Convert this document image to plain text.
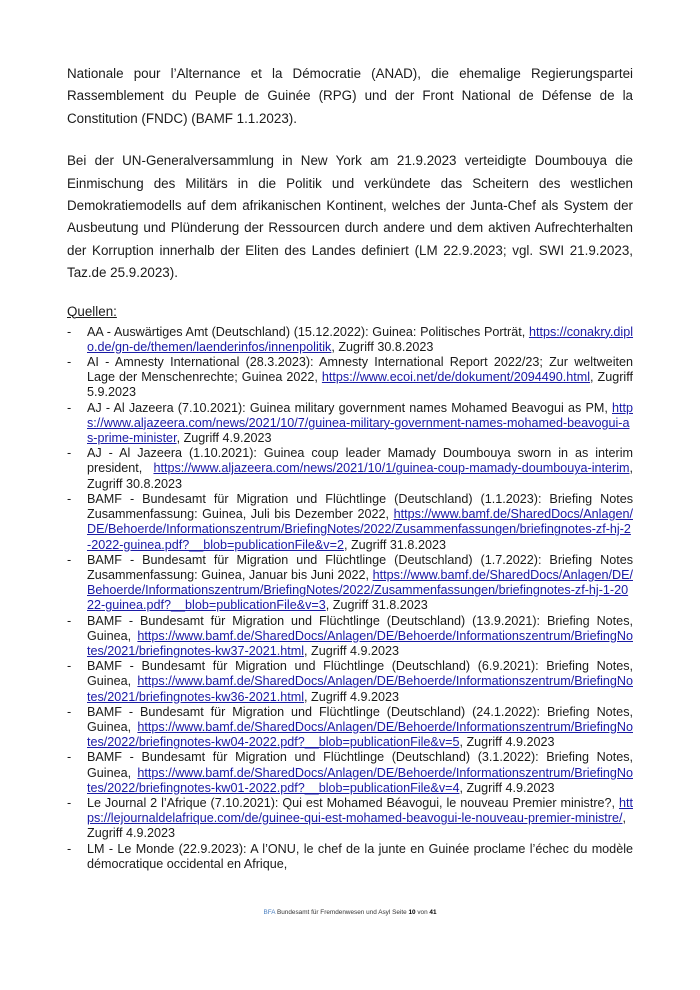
Nationale pour l’Alternance et la Démocratie (ANAD), die ehemalige Regierungspartei Rassemblement du Peuple de Guinée (RPG) und der Front National de Défense de la Constitution (FNDC) (BAMF 1.1.2023).

Bei der UN-Generalversammlung in New York am 21.9.2023 verteidigte Doumbouya die Einmischung des Militärs in die Politik und verkündete das Scheitern des westlichen Demokratiemodells auf dem afrikanischen Kontinent, welches der Junta-Chef als System der Ausbeutung und Plünderung der Ressourcen durch andere und dem aktiven Aufrechterhalten der Korruption innerhalb der Eliten des Landes definiert (LM 22.9.2023; vgl. SWI 21.9.2023, Taz.de 25.9.2023).

Quellen:
- AA - Auswärtiges Amt (Deutschland) (15.12.2022): Guinea: Politisches Porträt, https://conakry.diplo.de/gn-de/themen/laenderinfos/innenpolitik, Zugriff 30.8.2023
- AI - Amnesty International (28.3.2023): Amnesty International Report 2022/23; Zur weltweiten Lage der Menschenrechte; Guinea 2022, https://www.ecoi.net/de/dokument/2094490.html, Zugriff 5.9.2023
- AJ - Al Jazeera (7.10.2021): Guinea military government names Mohamed Beavogui as PM, https://www.aljazeera.com/news/2021/10/7/guinea-military-government-names-mohamed-beavogui-as-prime-minister, Zugriff 4.9.2023
- AJ - Al Jazeera (1.10.2021): Guinea coup leader Mamady Doumbouya sworn in as interim president, https://www.aljazeera.com/news/2021/10/1/guinea-coup-mamady-doumbouya-interim, Zugriff 30.8.2023
- BAMF - Bundesamt für Migration und Flüchtlinge (Deutschland) (1.1.2023): Briefing Notes Zusammenfassung: Guinea, Juli bis Dezember 2022, https://www.bamf.de/SharedDocs/Anlagen/DE/Behoerde/Informationszentrum/BriefingNotes/2022/Zusammenfassungen/briefingnotes-zf-hj-2-2022-guinea.pdf?__blob=publicationFile&v=2, Zugriff 31.8.2023
- BAMF - Bundesamt für Migration und Flüchtlinge (Deutschland) (1.7.2022): Briefing Notes Zusammenfassung: Guinea, Januar bis Juni 2022, https://www.bamf.de/SharedDocs/Anlagen/DE/Behoerde/Informationszentrum/BriefingNotes/2022/Zusammenfassungen/briefingnotes-zf-hj-1-2022-guinea.pdf?__blob=publicationFile&v=3, Zugriff 31.8.2023
- BAMF - Bundesamt für Migration und Flüchtlinge (Deutschland) (13.9.2021): Briefing Notes, Guinea, https://www.bamf.de/SharedDocs/Anlagen/DE/Behoerde/Informationszentrum/BriefingNotes/2021/briefingnotes-kw37-2021.html, Zugriff 4.9.2023
- BAMF - Bundesamt für Migration und Flüchtlinge (Deutschland) (6.9.2021): Briefing Notes, Guinea, https://www.bamf.de/SharedDocs/Anlagen/DE/Behoerde/Informationszentrum/BriefingNotes/2021/briefingnotes-kw36-2021.html, Zugriff 4.9.2023
- BAMF - Bundesamt für Migration und Flüchtlinge (Deutschland) (24.1.2022): Briefing Notes, Guinea, https://www.bamf.de/SharedDocs/Anlagen/DE/Behoerde/Informationszentrum/BriefingNotes/2022/briefingnotes-kw04-2022.pdf?__blob=publicationFile&v=5, Zugriff 4.9.2023
- BAMF - Bundesamt für Migration und Flüchtlinge (Deutschland) (3.1.2022): Briefing Notes, Guinea, https://www.bamf.de/SharedDocs/Anlagen/DE/Behoerde/Informationszentrum/BriefingNotes/2022/briefingnotes-kw01-2022.pdf?__blob=publicationFile&v=4, Zugriff 4.9.2023
- Le Journal 2 l’Afrique (7.10.2021): Qui est Mohamed Béavogui, le nouveau Premier ministre?, https://lejournaldelafrique.com/de/guinee-qui-est-mohamed-beavogui-le-nouveau-premier-ministre/, Zugriff 4.9.2023
- LM - Le Monde (22.9.2023): A l’ONU, le chef de la junte en Guinée proclame l’échec du modèle démocratique occidental en Afrique,
BFA Bundesamt für Fremdenwesen und Asyl Seite 10 von 41
